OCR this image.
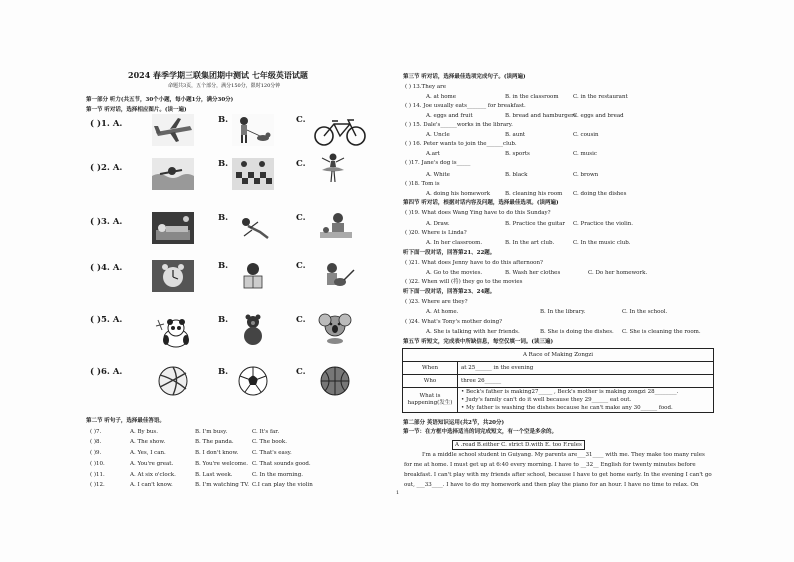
2024 春季学期三联集团期中测试 七年级英语试题
命题共3页，五个部分，满分150分，限时120分钟
第一部分 听力(共五节，30个小题，每小题1分，满分30分)
第一节 听对话，选择相应图片。(读一遍)
( )1. A.	B.	C.
( )2. A.	B.	C.
( )3. A.	B.	C.
( )4. A.	B.	C.
( )5. A.	B.	C.
( )6. A.	B.	C.
第二节 听句子，选择最佳答语。
( )7.	A. By bus.	B. I'm busy.	C. It's far.
( )8.	A. The show.	B. The panda.	C. The book.
( )9.	A. Yes, I can.	B. I don't know. C. That's easy.
( )10.	A. You're great.	B. You're welcome. C. That sounds good.
( )11.	A. At six o'clock.	B. Last week.	C. In the morning.
( )12.	A. I can't know.	B. I'm watching TV. C.I can play the violin
第三节 听对话，选择最佳选项完成句子。(读两遍)
( ) 13.They are
A. at home	B. in the classroom	C. in the restaurant
( ) 14. Joe usually eats_______ for breakfast.
A. eggs and fruit	B. bread and hamburgers
C. eggs and bread
( ) 15. Dale's______works in the library.
A. Uncle	B. aunt	C. cousin
( ) 16. Peter wants to join the______club.
A.art	B. sports	C. music
( )17. Jane's dog is_____
A. White	B. black	C. brown
( )18. Tom is
A. doing his homework	B. cleaning his room C. doing the dishes
第四节 听对话，根据对话内容及问题，选择最佳选项。(读两遍)
( )19. What does Wang Ying have to do this Sunday?
A. Draw.	B. Practice the guitar C. Practice the violin.
( )20. Where is Linda?
A. In her classroom.	B. In the art club.	C. In the music club.
听下面一段对话，回答第21、22题。
( )21. What does Jenny have to do this afternoon?
A. Go to the movies.	B. Wash her clothes	C. Do her homework.
( )22. When will (将) they go to the movies
听下面一段对话，回答第23、24题。
( )23. Where are they?
A. At home.	B. In the library.	C. In the school.
( )24. What's Tony's mother doing?
A. She is talking with her friends.	B. She is doing the dishes. C. She is cleaning the room.
第五节 听短文，完成表中所缺信息，每空仅填一词。(读三遍)
A Race of Making Zongzi	
When	at 25______ in the evening
Who	three 26______
What is happening(发生)	• Beck's father is making27_____ , Beck's mother is making zongzi 28________.
• Judy's family can't do it well because they 29______ eat out.
• My father is washing the dishes because he can't make any 30______ food.
第二部分 英语知识运用(共2节，共20分)
第一节：在方框中选择适当的词完成短文，有一个空是多余的。
A .read B.either C. strict D.with E. too F.rules
I'm a middle school student in Guiyang. My parents are___31____ with me. They make too many rules
for me at home. I must get up at 6:40 every morning. I have to __32__ English for twenty minutes before
breakfast. I can't play with my friends after school, because I have to get home early. In the evening I can't go
out, ___33____. I have to do my homework and then play the piano for an hour. I have no time to relax. On
1
